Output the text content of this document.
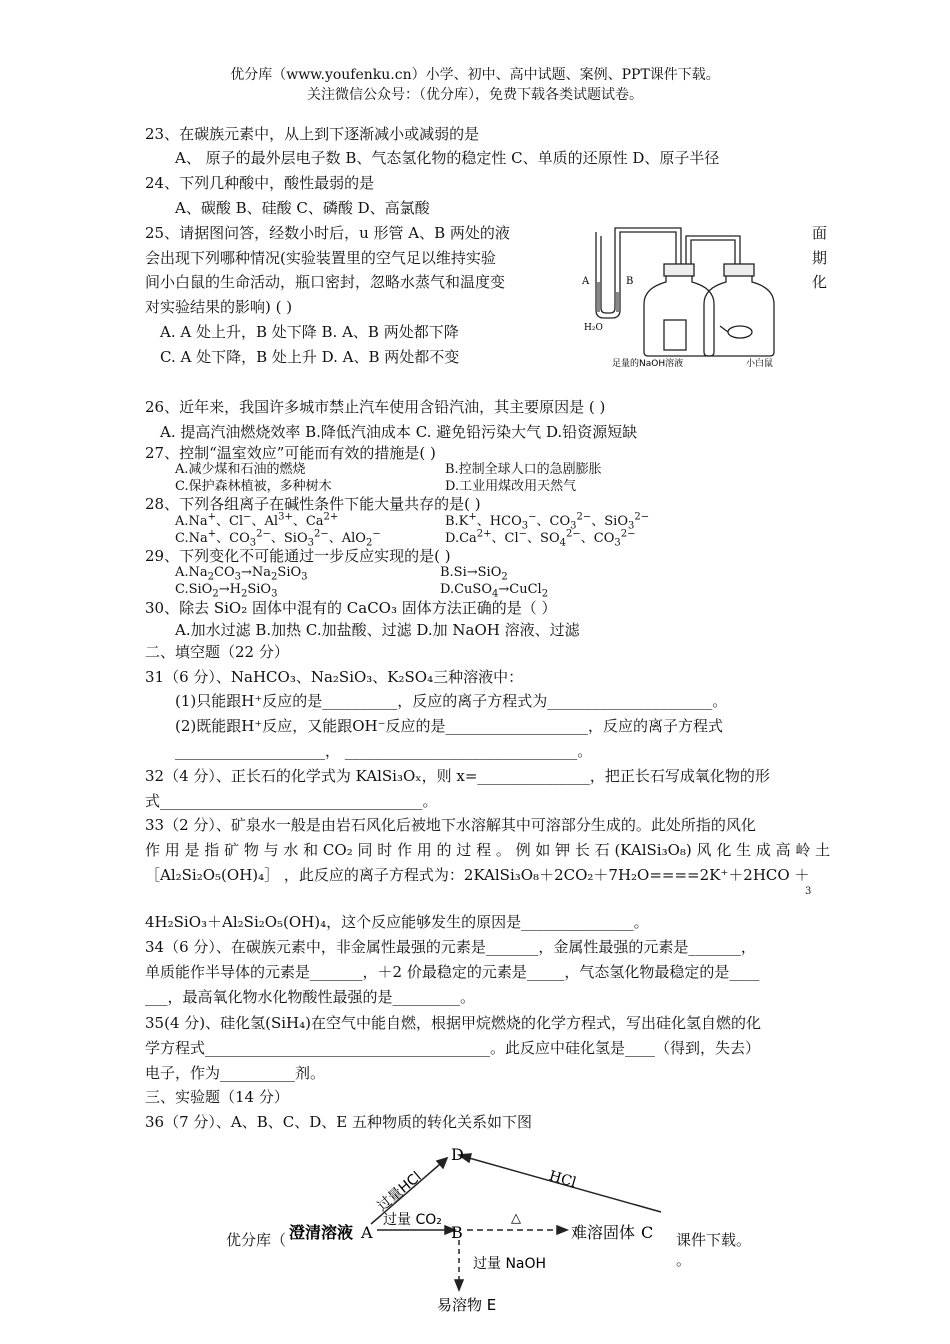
优分库（www.youfenku.cn）小学、初中、高中试题、案例、PPT课件下载。
关注微信公众号：（优分库），免费下载各类试题试卷。
23、在碳族元素中，从上到下逐渐减小或减弱的是
A、 原子的最外层电子数 B、气态氢化物的稳定性 C、单质的还原性 D、原子半径
24、下列几种酸中，酸性最弱的是
A、碳酸 B、硅酸 C、磷酸 D、高氯酸
25、请据图问答，经数小时后，u 形管 A、B 两处的液
会出现下列哪种情况(实验装置里的空气足以维持实验
间小白鼠的生命活动，瓶口密封，忽略水蒸气和温度变
对实验结果的影响) ( )
面
期
化
A. A 处上升，B 处下降 B. A、B 两处都下降
C. A 处下降，B 处上升 D. A、B 两处都不变
A	B
H₂O
足量的NaOH溶液	小白鼠
26、近年来，我国许多城市禁止汽车使用含铅汽油，其主要原因是 ( )
A. 提高汽油燃烧效率 B.降低汽油成本 C. 避免铅污染大气 D.铅资源短缺
27、控制“温室效应”可能而有效的措施是( )
A.减少煤和石油的燃烧	B.控制全球人口的急剧膨胀
C.保护森林植被，多种树木	D.工业用煤改用天然气
28、下列各组离子在碱性条件下能大量共存的是( )
A.Na+、Cl−、$Al^{3+}$、$Ca^{2+}$	B.K+、$HCO_3^-$、$CO_3^{2-}$、SiO$_3^{2-}$
C.Na+、$CO_3^{2-}$、SiO$_3^{2-}$、AlO$_2$−	$D.Ca^{2+}$、Cl−、$SO_4^{2-}$、$CO_3^{2-}$
29、下列变化不可能通过一步反应实现的是( )
$A.Na_2CO_3\to Na_2SiO_3$	B.Si→SiO$_2$
$C.SiO_2\to H_2SiO_3$	D.CuSO$_4$→CuCl$_2$
30、除去 SiO₂ 固体中混有的 CaCO₃ 固体方法正确的是（ ）
A.加水过滤 B.加热 C.加盐酸、过滤 D.加 NaOH 溶液、过滤
二、填空题（22 分）
31（6 分）、NaHCO₃、Na₂SiO₃、K₂SO₄三种溶液中：
(1)只能跟H⁺反应的是__________，反应的离子方程式为______________________。
(2)既能跟H⁺反应，又能跟OH⁻反应的是___________________，反应的离子方程式
____________________， _______________________________。
32（4 分）、正长石的化学式为 KAlSi₃Oₓ，则 x=_______________，把正长石写成氧化物的形
式___________________________________。
33（2 分）、矿泉水一般是由岩石风化后被地下水溶解其中可溶部分生成的。此处所指的风化
作 用 是 指 矿 物 与 水 和 CO₂ 同 时 作 用 的 过 程 。 例 如 钾 长 石 (KAlSi₃O₈) 风 化 生 成 高 岭 土
［Al₂Si₂O₅(OH)₄］ ，此反应的离子方程式为：2KAlSi₃O₈＋2CO₂＋7H₂O====2K⁺＋2HCO ＋
3
4H₂SiO₃＋Al₂Si₂O₅(OH)₄，这个反应能够发生的原因是_______________。
34（6 分）、在碳族元素中，非金属性最强的元素是_______，金属性最强的元素是_______，
单质能作半导体的元素是_______，＋2 价最稳定的元素是_____，气态氢化物最稳定的是____
___，最高氧化物水化物酸性最强的是_________。
35(4 分)、硅化氢(SiH₄)在空气中能自燃，根据甲烷燃烧的化学方程式，写出硅化氢自燃的化
学方程式______________________________________。此反应中硅化氢是____（得到，失去）
电子，作为__________剂。
三、实验题（14 分）
36（7 分）、A、B、C、D、E 五种物质的转化关系如下图
优分库（	课件下载。
。
D
过量HCl	HCl
澄清溶液 A
过量 CO₂
B
△
难溶固体 C
过量 NaOH
易溶物 E
